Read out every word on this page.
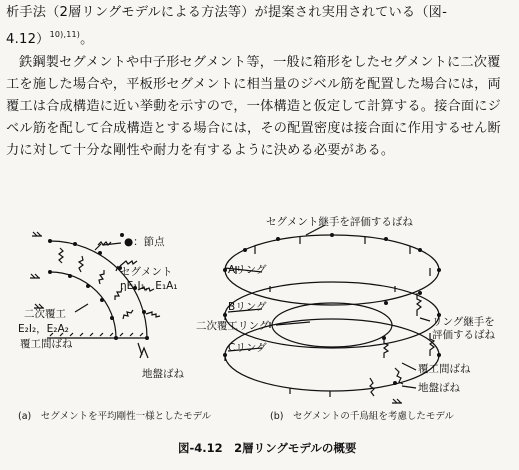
析手法（2層リングモデルによる方法等）が提案され実用されている（図-
4.12）$^{10),11)}$。
鉄鋼製セグメントや中子形セグメント等，一般に箱形をしたセグメントに二次覆工を施した場合や，平板形セグメントに相当量のジベル筋を配置した場合には，両覆工は合成構造に近い挙動を示すので，一体構造と仮定して計算する。接合面にジベル筋を配して合成構造とする場合には，その配置密度は接合面に作用するせん断力に対して十分な剛性や耐力を有するように決める必要がある。
●：節点
セグメント
ηE₁I₁，E₁A₁
二次覆工
E₂I₂，E₂A₂
覆工間ばね
地盤ばね
(a)　セグメントを平均剛性一様としたモデル
セグメント継手を評価するばね
Aリング
Bリング
二次覆工リング
Cリング
リング継手を
評価するばね
覆工間ばね
地盤ばね
(b)　セグメントの千鳥組を考慮したモデル
図-4.12　2層リングモデルの概要
